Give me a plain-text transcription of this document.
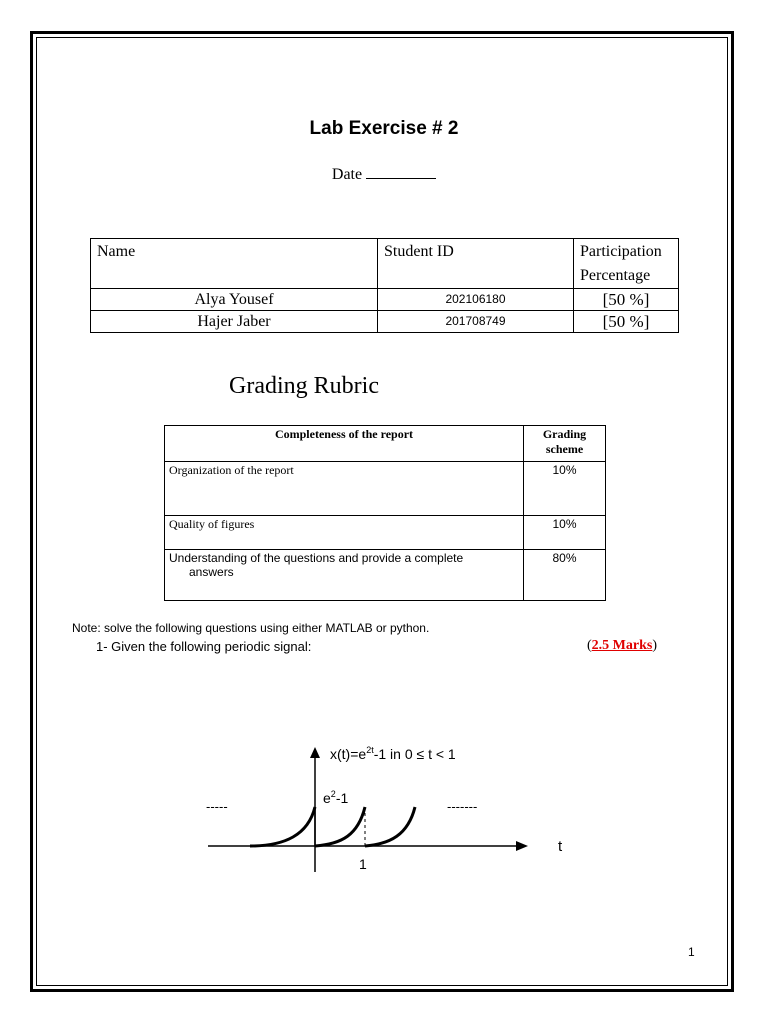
Lab Exercise # 2
Date
Name	Student ID	Participation Percentage
Alya Yousef	202106180	[50 %]
Hajer Jaber	201708749	[50 %]
Grading Rubric
Completeness of the report	Grading scheme
Organization of the report	10%
Quality of figures	10%
Understanding of the questions and provide a complete
answers	80%
Note: solve the following questions using either MATLAB or python.
1- Given the following periodic signal:	(2.5 Marks)
$x(t)=e^{2t}-1$ in 0 ≤ t < 1
$e^2-1$
1
t
-----	-------
1
